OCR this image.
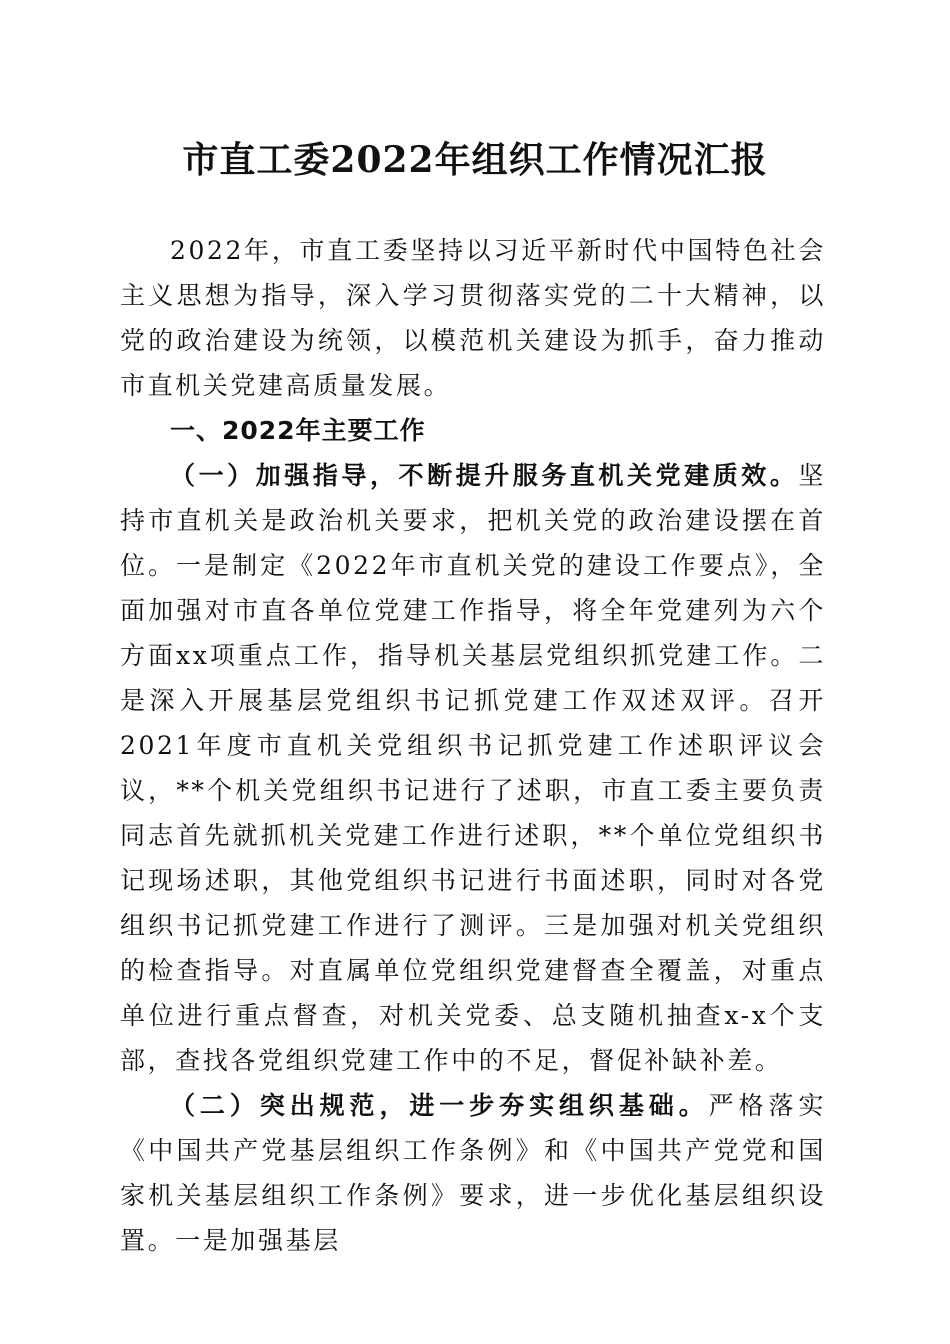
市直工委2022年组织工作情况汇报

2022年，市直工委坚持以习近平新时代中国特色社会主义思想为指导，深入学习贯彻落实党的二十大精神，以党的政治建设为统领，以模范机关建设为抓手，奋力推动市直机关党建高质量发展。

一、2022年主要工作

（一）加强指导，不断提升服务直机关党建质效。坚持市直机关是政治机关要求，把机关党的政治建设摆在首位。一是制定《2022年市直机关党的建设工作要点》，全面加强对市直各单位党建工作指导，将全年党建列为六个方面xx项重点工作，指导机关基层党组织抓党建工作。二是深入开展基层党组织书记抓党建工作双述双评。召开2021年度市直机关党组织书记抓党建工作述职评议会议，**个机关党组织书记进行了述职，市直工委主要负责同志首先就抓机关党建工作进行述职，**个单位党组织书记现场述职，其他党组织书记进行书面述职，同时对各党组织书记抓党建工作进行了测评。三是加强对机关党组织的检查指导。对直属单位党组织党建督查全覆盖，对重点单位进行重点督查，对机关党委、总支随机抽查x-x个支部，查找各党组织党建工作中的不足，督促补缺补差。

（二）突出规范，进一步夯实组织基础。严格落实《中国共产党基层组织工作条例》和《中国共产党党和国家机关基层组织工作条例》要求，进一步优化基层组织设置。一是加强基层
